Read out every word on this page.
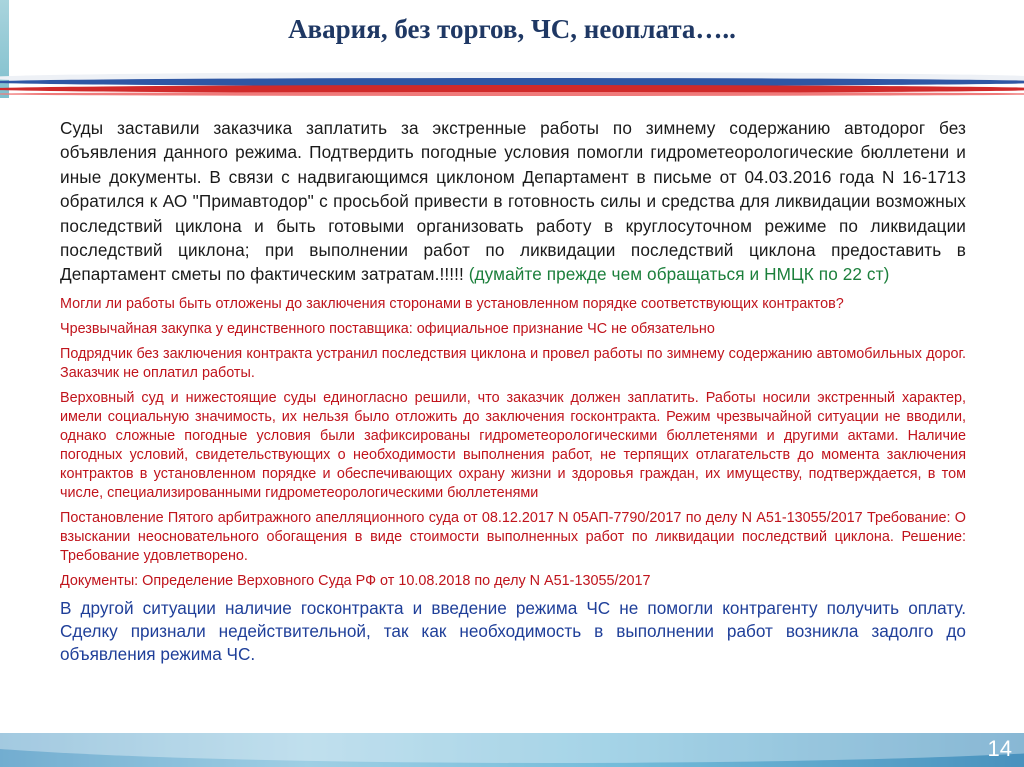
Авария, без торгов, ЧС, неоплата…..

Суды заставили заказчика заплатить за экстренные работы по зимнему содержанию автодорог без объявления данного режима. Подтвердить погодные условия помогли гидрометеорологические бюллетени и иные документы. В связи с надвигающимся циклоном Департамент в письме от 04.03.2016 года N 16-1713 обратился к АО "Примавтодор" с просьбой привести в готовность силы и средства для ликвидации возможных последствий циклона и быть готовыми организовать работу в круглосуточном режиме по ликвидации последствий циклона; при выполнении работ по ликвидации последствий циклона предоставить в Департамент сметы по фактическим затратам.!!!!! (думайте прежде чем обращаться и НМЦК по 22 ст)

Могли ли работы быть отложены до заключения сторонами в установленном порядке соответствующих контрактов?

Чрезвычайная закупка у единственного поставщика: официальное признание ЧС не обязательно

Подрядчик без заключения контракта устранил последствия циклона и провел работы по зимнему содержанию автомобильных дорог. Заказчик не оплатил работы.

Верховный суд и нижестоящие суды единогласно решили, что заказчик должен заплатить. Работы носили экстренный характер, имели социальную значимость, их нельзя было отложить до заключения госконтракта. Режим чрезвычайной ситуации не вводили, однако сложные погодные условия были зафиксированы гидрометеорологическими бюллетенями и другими актами. Наличие погодных условий, свидетельствующих о необходимости выполнения работ, не терпящих отлагательств до момента заключения контрактов в установленном порядке и обеспечивающих охрану жизни и здоровья граждан, их имуществу, подтверждается, в том числе, специализированными гидрометеорологическими бюллетенями

Постановление Пятого арбитражного апелляционного суда от 08.12.2017 N 05АП-7790/2017 по делу N А51-13055/2017 Требование: О взыскании неосновательного обогащения в виде стоимости выполненных работ по ликвидации последствий циклона. Решение: Требование удовлетворено.

Документы: Определение Верховного Суда РФ от 10.08.2018 по делу N А51-13055/2017

В другой ситуации наличие госконтракта и введение режима ЧС не помогли контрагенту получить оплату. Сделку признали недействительной, так как необходимость в выполнении работ возникла задолго до объявления режима ЧС.

14
